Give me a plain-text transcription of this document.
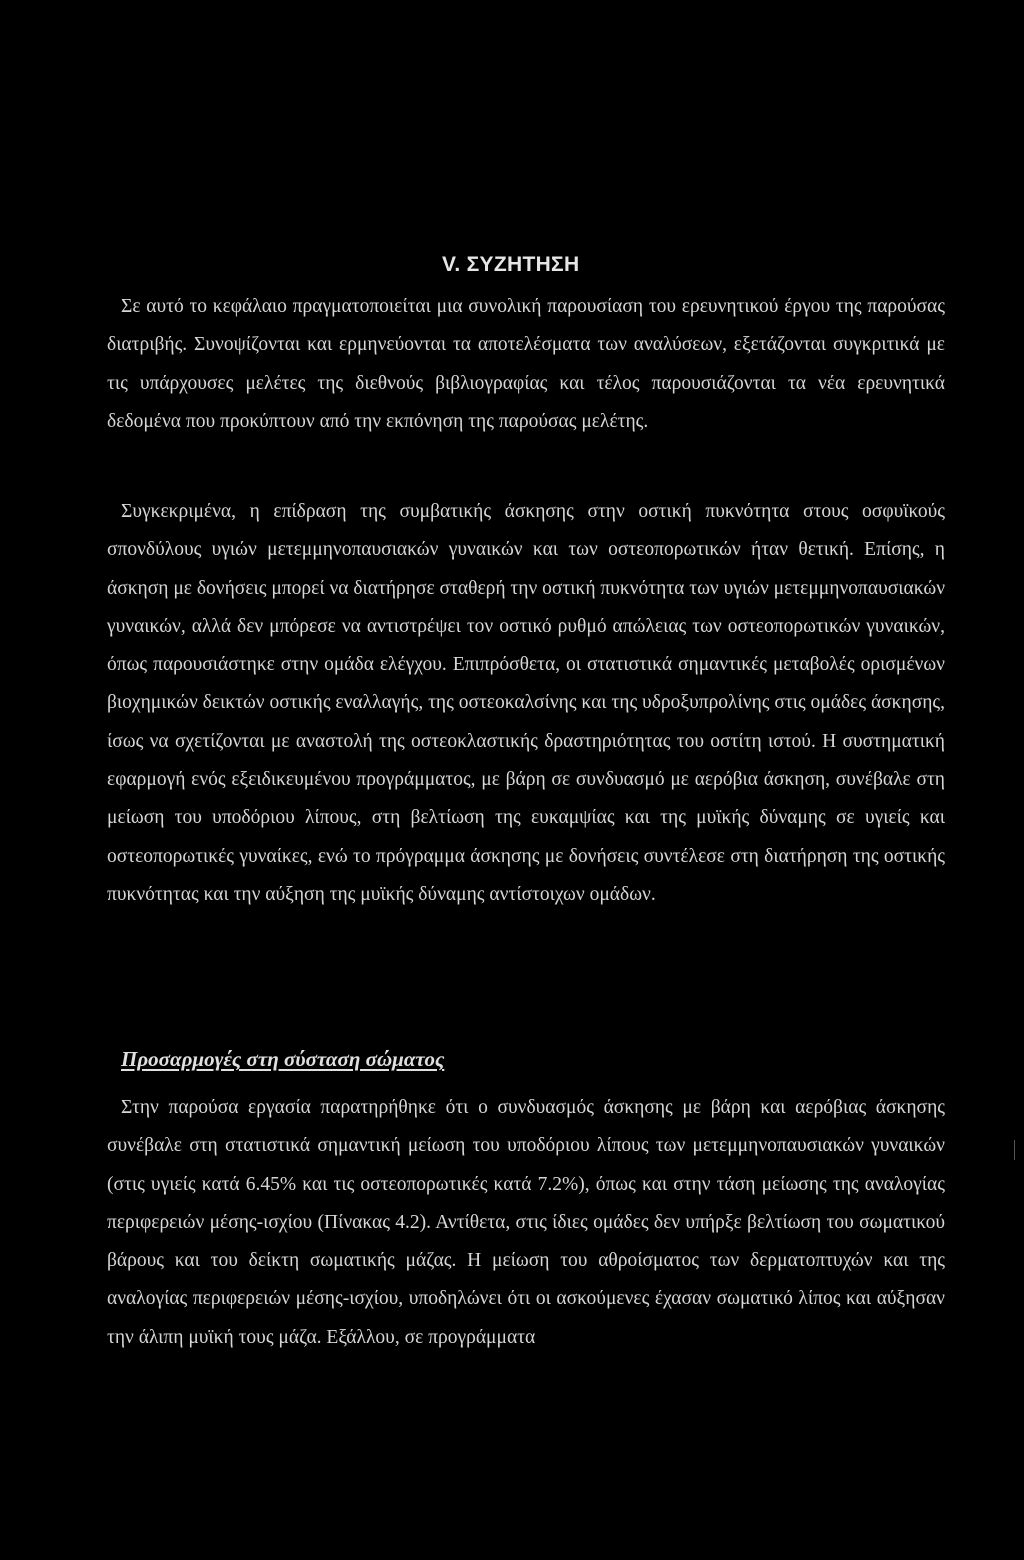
V. ΣΥΖΗΤΗΣΗ

Σε αυτό το κεφάλαιο πραγματοποιείται μια συνολική παρουσίαση του ερευνητικού έργου της παρούσας διατριβής. Συνοψίζονται και ερμηνεύονται τα αποτελέσματα των αναλύσεων, εξετάζονται συγκριτικά με τις υπάρχουσες μελέτες της διεθνούς βιβλιογραφίας και τέλος παρουσιάζονται τα νέα ερευνητικά δεδομένα που προκύπτουν από την εκπόνηση της παρούσας μελέτης.

Συγκεκριμένα, η επίδραση της συμβατικής άσκησης στην οστική πυκνότητα στους οσφυϊκούς σπονδύλους υγιών μετεμμηνοπαυσιακών γυναικών και των οστεοπορωτικών ήταν θετική. Επίσης, η άσκηση με δονήσεις μπορεί να διατήρησε σταθερή την οστική πυκνότητα των υγιών μετεμμηνοπαυσιακών γυναικών, αλλά δεν μπόρεσε να αντιστρέψει τον οστικό ρυθμό απώλειας των οστεοπορωτικών γυναικών, όπως παρουσιάστηκε στην ομάδα ελέγχου. Επιπρόσθετα, οι στατιστικά σημαντικές μεταβολές ορισμένων βιοχημικών δεικτών οστικής εναλλαγής, της οστεοκαλσίνης και της υδροξυπρολίνης στις ομάδες άσκησης, ίσως να σχετίζονται με αναστολή της οστεοκλαστικής δραστηριότητας του οστίτη ιστού. Η συστηματική εφαρμογή ενός εξειδικευμένου προγράμματος, με βάρη σε συνδυασμό με αερόβια άσκηση, συνέβαλε στη μείωση του υποδόριου λίπους, στη βελτίωση της ευκαμψίας και της μυϊκής δύναμης σε υγιείς και οστεοπορωτικές γυναίκες, ενώ το πρόγραμμα άσκησης με δονήσεις συντέλεσε στη διατήρηση της οστικής πυκνότητας και την αύξηση της μυϊκής δύναμης αντίστοιχων ομάδων.

Προσαρμογές στη σύσταση σώματος

Στην παρούσα εργασία παρατηρήθηκε ότι ο συνδυασμός άσκησης με βάρη και αερόβιας άσκησης συνέβαλε στη στατιστικά σημαντική μείωση του υποδόριου λίπους των μετεμμηνοπαυσιακών γυναικών (στις υγιείς κατά 6.45% και τις οστεοπορωτικές κατά 7.2%), όπως και στην τάση μείωσης της αναλογίας περιφερειών μέσης-ισχίου (Πίνακας 4.2). Αντίθετα, στις ίδιες ομάδες δεν υπήρξε βελτίωση του σωματικού βάρους και του δείκτη σωματικής μάζας. Η μείωση του αθροίσματος των δερματοπτυχών και της αναλογίας περιφερειών μέσης-ισχίου, υποδηλώνει ότι οι ασκούμενες έχασαν σωματικό λίπος και αύξησαν την άλιπη μυϊκή τους μάζα. Εξάλλου, σε προγράμματα
